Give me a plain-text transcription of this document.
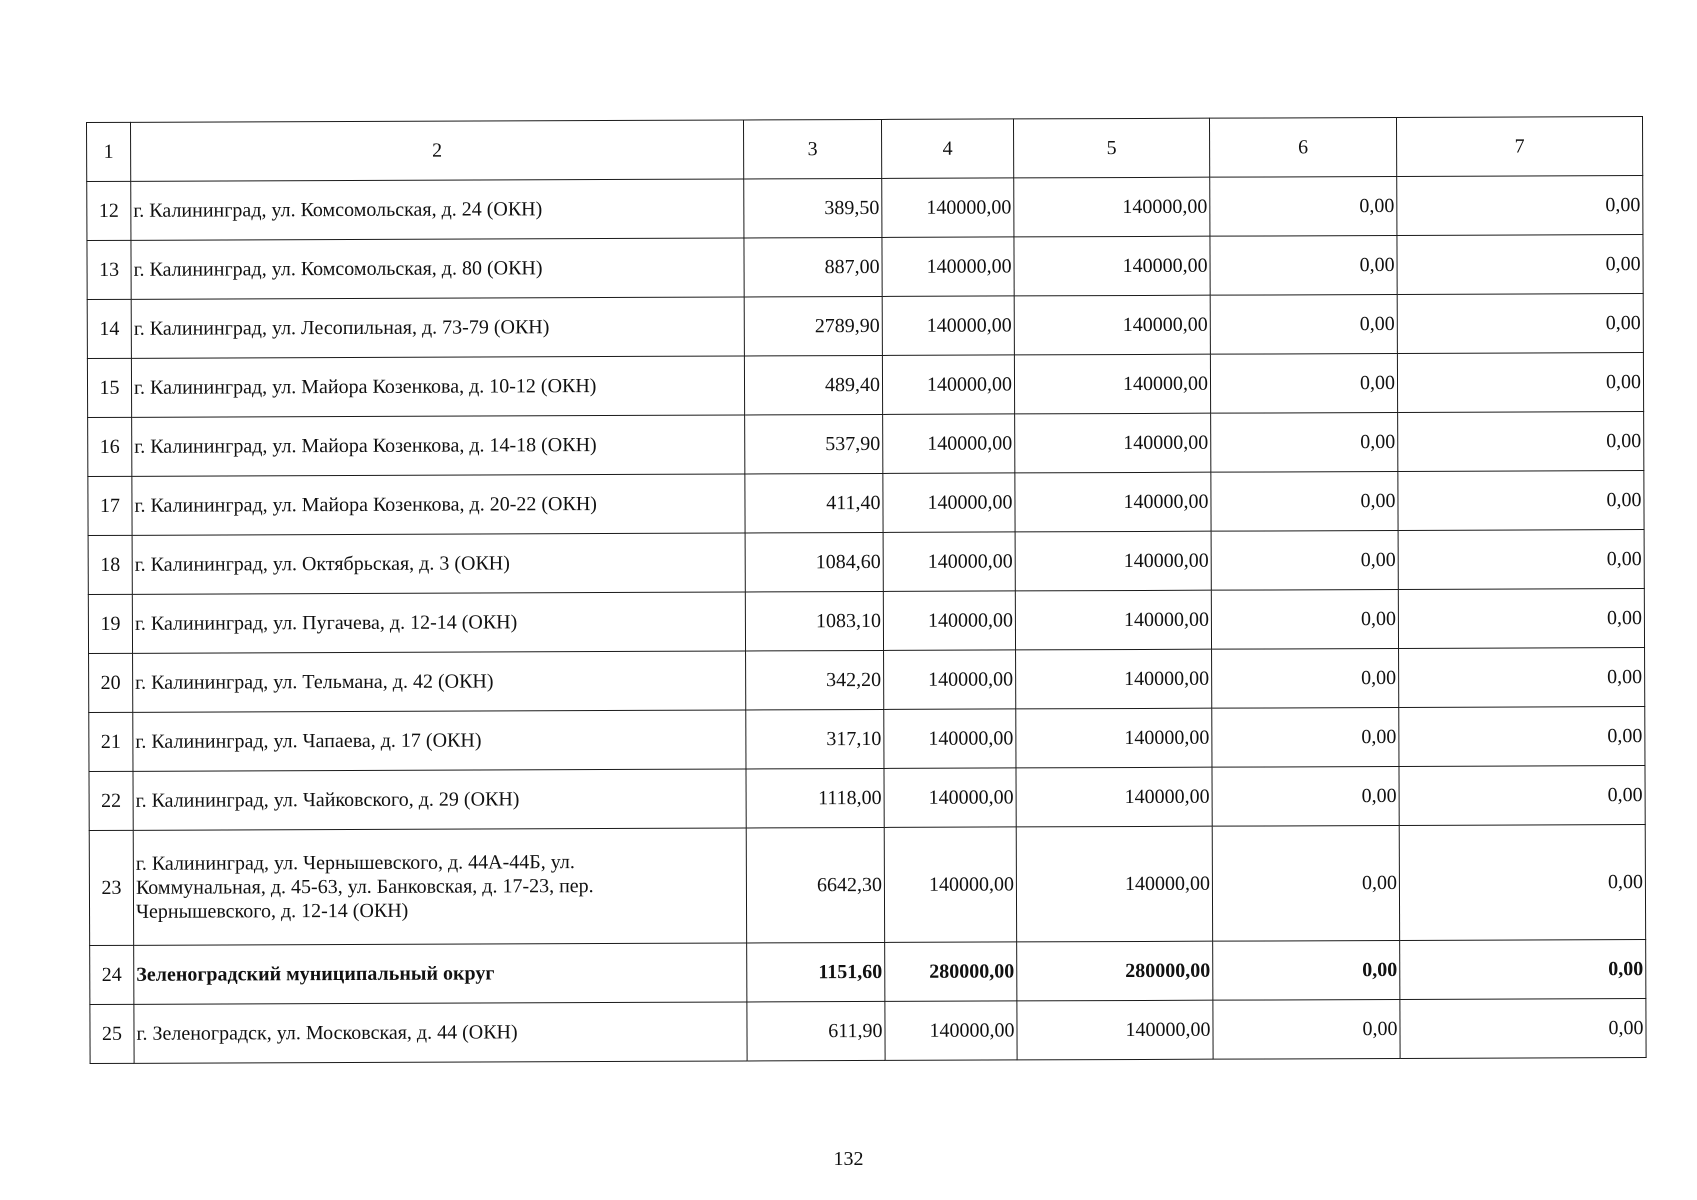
1	2	3	4	5	6	7
12	г. Калининград, ул. Комсомольская, д. 24 (ОКН)	389,50	140000,00	140000,00	0,00	0,00
13	г. Калининград, ул. Комсомольская, д. 80 (ОКН)	887,00	140000,00	140000,00	0,00	0,00
14	г. Калининград, ул. Лесопильная, д. 73-79 (ОКН)	2789,90	140000,00	140000,00	0,00	0,00
15	г. Калининград, ул. Майора Козенкова, д. 10-12 (ОКН)	489,40	140000,00	140000,00	0,00	0,00
16	г. Калининград, ул. Майора Козенкова, д. 14-18 (ОКН)	537,90	140000,00	140000,00	0,00	0,00
17	г. Калининград, ул. Майора Козенкова, д. 20-22 (ОКН)	411,40	140000,00	140000,00	0,00	0,00
18	г. Калининград, ул. Октябрьская, д. 3 (ОКН)	1084,60	140000,00	140000,00	0,00	0,00
19	г. Калининград, ул. Пугачева, д. 12-14 (ОКН)	1083,10	140000,00	140000,00	0,00	0,00
20	г. Калининград, ул. Тельмана, д. 42 (ОКН)	342,20	140000,00	140000,00	0,00	0,00
21	г. Калининград, ул. Чапаева, д. 17 (ОКН)	317,10	140000,00	140000,00	0,00	0,00
22	г. Калининград, ул. Чайковского, д. 29 (ОКН)	1118,00	140000,00	140000,00	0,00	0,00
23	г. Калининград, ул. Чернышевского, д. 44А-44Б, ул. Коммунальная, д. 45-63, ул. Банковская, д. 17-23, пер. Чернышевского, д. 12-14 (ОКН)	6642,30	140000,00	140000,00	0,00	0,00
24	Зеленоградский муниципальный округ	1151,60	280000,00	280000,00	0,00	0,00
25	г. Зеленоградск, ул. Московская, д. 44 (ОКН)	611,90	140000,00	140000,00	0,00	0,00
132
